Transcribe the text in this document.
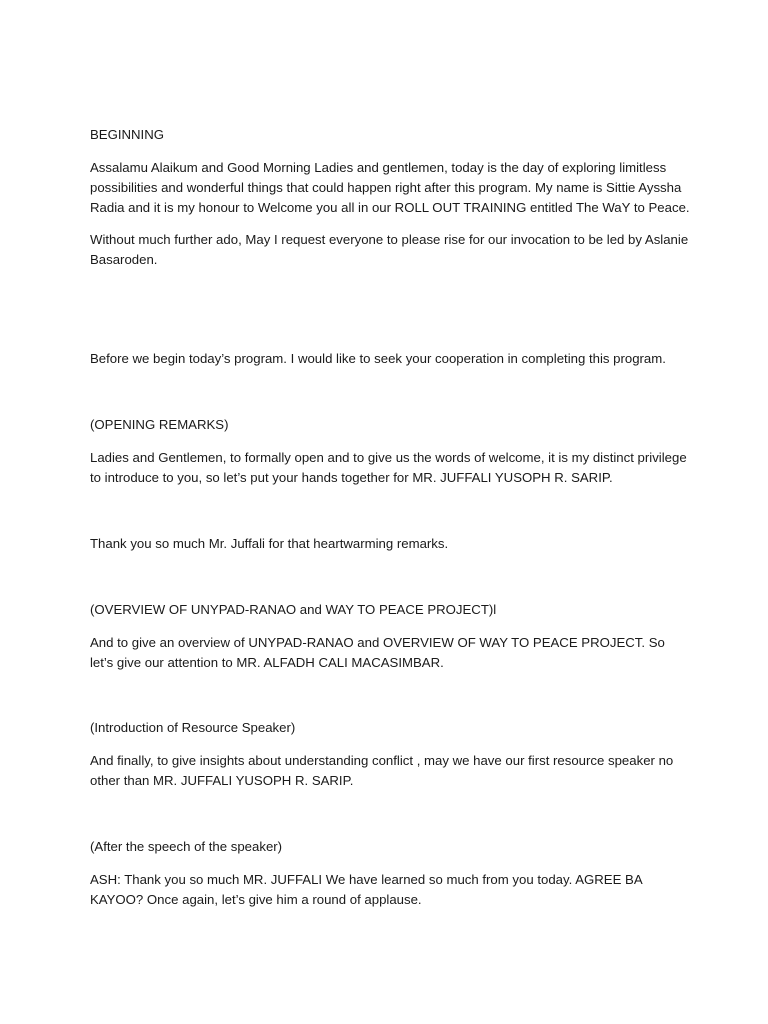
BEGINNING

Assalamu Alaikum and Good Morning Ladies and gentlemen, today is the day of exploring limitless possibilities and wonderful things that could happen right after this program. My name is Sittie Ayssha Radia and it is my honour to Welcome you all in our ROLL OUT TRAINING entitled The WaY to Peace.

Without much further ado, May I request everyone to please rise for our invocation to be led by Aslanie Basaroden.

Before we begin today’s program. I would like to seek your cooperation in completing this program.

(OPENING REMARKS)

Ladies and Gentlemen, to formally open and to give us the words of welcome, it is my distinct privilege to introduce to you, so let’s put your hands together for MR. JUFFALI YUSOPH R. SARIP.

Thank you so much Mr. Juffali for that heartwarming remarks.

(OVERVIEW OF UNYPAD-RANAO and WAY TO PEACE PROJECT)l

And to give an overview of UNYPAD-RANAO and OVERVIEW OF WAY TO PEACE PROJECT. So let’s give our attention to MR. ALFADH CALI MACASIMBAR.

(Introduction of Resource Speaker)

And finally, to give insights about understanding conflict , may we have our first resource speaker no other than MR. JUFFALI YUSOPH R. SARIP.

(After the speech of the speaker)

ASH: Thank you so much MR. JUFFALI We have learned so much from you today. AGREE BA KAYOO? Once again, let’s give him a round of applause.
